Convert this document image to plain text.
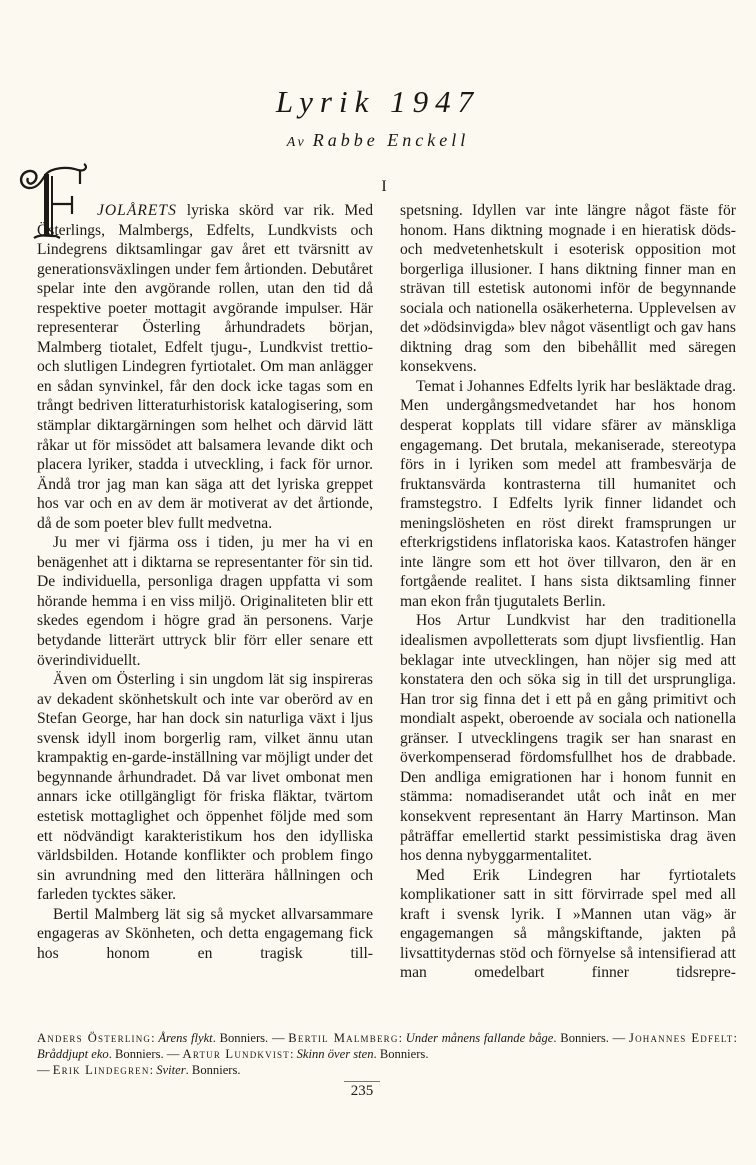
Lyrik 1947
Av Rabbe Enckell
I

JOLÅRETS lyriska skörd var rik. Med Österlings, Malmbergs, Edfelts, Lundkvists och Lindegrens diktsamlingar gav året ett tvärsnitt av generationsväxlingen under fem årtionden. Debutåret spelar inte den avgörande rollen, utan den tid då respektive poeter mottagit avgörande impulser. Här representerar Österling århundradets början, Malmberg tiotalet, Edfelt tjugu-, Lundkvist trettio- och slutligen Lindegren fyrtiotalet. Om man anlägger en sådan synvinkel, får den dock icke tagas som en trångt bedriven litteraturhistorisk katalogisering, som stämplar diktargärningen som helhet och därvid lätt råkar ut för missödet att balsamera levande dikt och placera lyriker, stadda i utveckling, i fack för urnor. Ändå tror jag man kan säga att det lyriska greppet hos var och en av dem är motiverat av det årtionde, då de som poeter blev fullt medvetna.

Ju mer vi fjärma oss i tiden, ju mer ha vi en benägenhet att i diktarna se representanter för sin tid. De individuella, personliga dragen uppfatta vi som hörande hemma i en viss miljö. Originaliteten blir ett skedes egendom i högre grad än personens. Varje betydande litterärt uttryck blir förr eller senare ett överindividuellt.

Även om Österling i sin ungdom lät sig inspireras av dekadent skönhetskult och inte var oberörd av en Stefan George, har han dock sin naturliga växt i ljus svensk idyll inom borgerlig ram, vilket ännu utan krampaktig en-garde-inställning var möjligt under det begynnande århundradet. Då var livet ombonat men annars icke otillgängligt för friska fläktar, tvärtom estetisk mottaglighet och öppenhet följde med som ett nödvändigt karakteristikum hos den idylliska världsbilden. Hotande konflikter och problem fingo sin avrundning med den litterära hållningen och farleden tycktes säker.

Bertil Malmberg lät sig så mycket allvarsammare engageras av Skönheten, och detta engagemang fick hos honom en tragisk till-

spetsning. Idyllen var inte längre något fäste för honom. Hans diktning mognade i en hieratisk döds- och medvetenhetskult i esoterisk opposition mot borgerliga illusioner. I hans diktning finner man en strävan till estetisk autonomi inför de begynnande sociala och nationella osäkerheterna. Upplevelsen av det »dödsinvigda» blev något väsentligt och gav hans diktning drag som den bibehållit med säregen konsekvens.

Temat i Johannes Edfelts lyrik har besläktade drag. Men undergångsmedvetandet har hos honom desperat kopplats till vidare sfärer av mänskliga engagemang. Det brutala, mekaniserade, stereotypa förs in i lyriken som medel att frambesvärja de fruktansvärda kontrasterna till humanitet och framstegstro. I Edfelts lyrik finner lidandet och meningslösheten en röst direkt framsprungen ur efterkrigstidens inflatoriska kaos. Katastrofen hänger inte längre som ett hot över tillvaron, den är en fortgående realitet. I hans sista diktsamling finner man ekon från tjugutalets Berlin.

Hos Artur Lundkvist har den traditionella idealismen avpolletterats som djupt livsfientlig. Han beklagar inte utvecklingen, han nöjer sig med att konstatera den och söka sig in till det ursprungliga. Han tror sig finna det i ett på en gång primitivt och mondialt aspekt, oberoende av sociala och nationella gränser. I utvecklingens tragik ser han snarast en överkompenserad fördomsfullhet hos de drabbade. Den andliga emigrationen har i honom funnit en stämma: nomadiserandet utåt och inåt en mer konsekvent representant än Harry Martinson. Man påträffar emellertid starkt pessimistiska drag även hos denna nybyggarmentalitet.

Med Erik Lindegren har fyrtiotalets komplikationer satt in sitt förvirrade spel med all kraft i svensk lyrik. I »Mannen utan väg» är engagemangen så mångskiftande, jakten på livsattitydernas stöd och förnyelse så intensifierad att man omedelbart finner tidsrepre-

Anders Österling: Årens flykt. Bonniers. — Bertil Malmberg: Under månens fallande båge. Bonniers. — Johannes Edfelt: Bråddjupt eko. Bonniers. — Artur Lundkvist: Skinn över sten. Bonniers.
— Erik Lindegren: Sviter. Bonniers.
235
